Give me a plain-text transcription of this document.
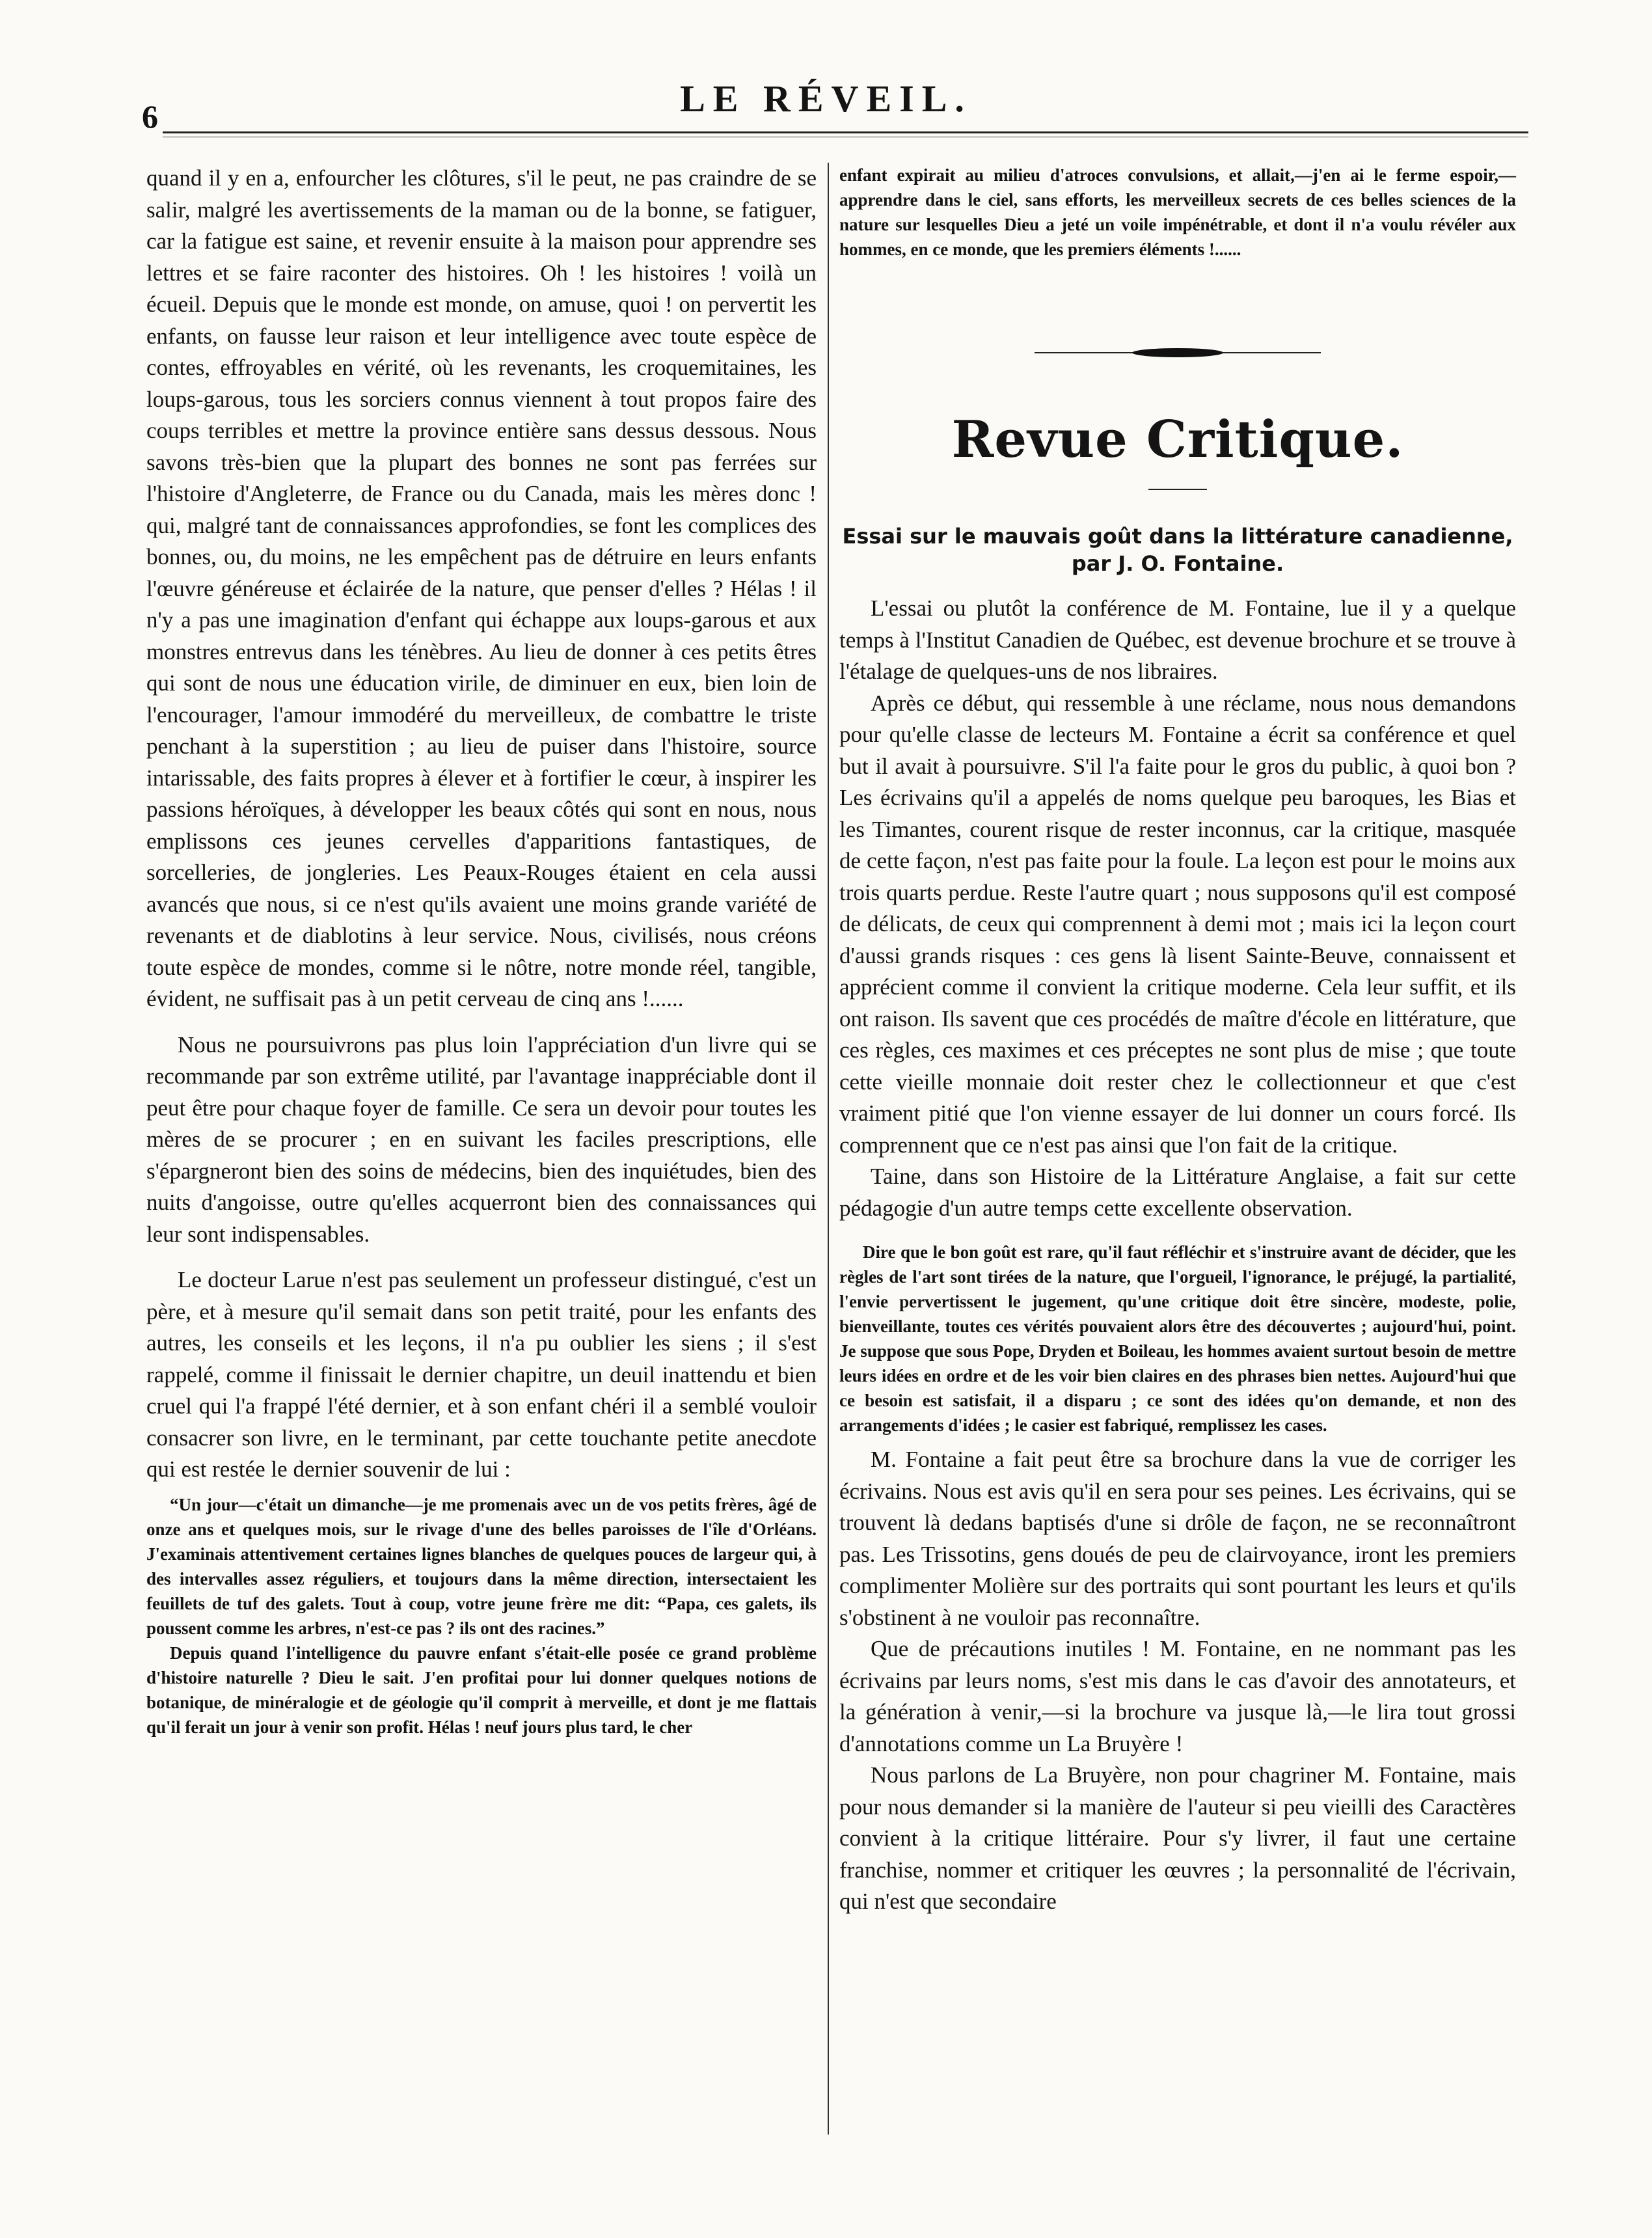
6	LE RÉVEIL.

quand il y en a, enfourcher les clôtures, s'il le peut, ne pas craindre de se salir, malgré les avertissements de la maman ou de la bonne, se fatiguer, car la fatigue est saine, et revenir ensuite à la maison pour apprendre ses lettres et se faire raconter des histoires. Oh ! les histoires ! voilà un écueil. Depuis que le monde est monde, on amuse, quoi ! on pervertit les enfants, on fausse leur raison et leur intelligence avec toute espèce de contes, effroyables en vérité, où les revenants, les croquemitaines, les loups-garous, tous les sorciers connus viennent à tout propos faire des coups terribles et mettre la province entière sans dessus dessous. Nous savons très-bien que la plupart des bonnes ne sont pas ferrées sur l'histoire d'Angleterre, de France ou du Canada, mais les mères donc ! qui, malgré tant de connaissances approfondies, se font les complices des bonnes, ou, du moins, ne les empêchent pas de détruire en leurs enfants l'œuvre généreuse et éclairée de la nature, que penser d'elles ? Hélas ! il n'y a pas une imagination d'enfant qui échappe aux loups-garous et aux monstres entrevus dans les ténèbres. Au lieu de donner à ces petits êtres qui sont de nous une éducation virile, de diminuer en eux, bien loin de l'encourager, l'amour immodéré du merveilleux, de combattre le triste penchant à la superstition ; au lieu de puiser dans l'histoire, source intarissable, des faits propres à élever et à fortifier le cœur, à inspirer les passions héroïques, à développer les beaux côtés qui sont en nous, nous emplissons ces jeunes cervelles d'apparitions fantastiques, de sorcelleries, de jongleries. Les Peaux-Rouges étaient en cela aussi avancés que nous, si ce n'est qu'ils avaient une moins grande variété de revenants et de diablotins à leur service. Nous, civilisés, nous créons toute espèce de mondes, comme si le nôtre, notre monde réel, tangible, évident, ne suffisait pas à un petit cerveau de cinq ans !......

Nous ne poursuivrons pas plus loin l'appréciation d'un livre qui se recommande par son extrême utilité, par l'avantage inappréciable dont il peut être pour chaque foyer de famille. Ce sera un devoir pour toutes les mères de se procurer ; en en suivant les faciles prescriptions, elle s'épargneront bien des soins de médecins, bien des inquiétudes, bien des nuits d'angoisse, outre qu'elles acquerront bien des connaissances qui leur sont indispensables.

Le docteur Larue n'est pas seulement un professeur distingué, c'est un père, et à mesure qu'il semait dans son petit traité, pour les enfants des autres, les conseils et les leçons, il n'a pu oublier les siens ; il s'est rappelé, comme il finissait le dernier chapitre, un deuil inattendu et bien cruel qui l'a frappé l'été dernier, et à son enfant chéri il a semblé vouloir consacrer son livre, en le terminant, par cette touchante petite anecdote qui est restée le dernier souvenir de lui :

“Un jour—c'était un dimanche—je me promenais avec un de vos petits frères, âgé de onze ans et quelques mois, sur le rivage d'une des belles paroisses de l'île d'Orléans. J'examinais attentivement certaines lignes blanches de quelques pouces de largeur qui, à des intervalles assez réguliers, et toujours dans la même direction, intersectaient les feuillets de tuf des galets. Tout à coup, votre jeune frère me dit: “Papa, ces galets, ils poussent comme les arbres, n'est-ce pas ? ils ont des racines.”

Depuis quand l'intelligence du pauvre enfant s'était-elle posée ce grand problème d'histoire naturelle ? Dieu le sait. J'en profitai pour lui donner quelques notions de botanique, de minéralogie et de géologie qu'il comprit à merveille, et dont je me flattais qu'il ferait un jour à venir son profit. Hélas ! neuf jours plus tard, le cher

enfant expirait au milieu d'atroces convulsions, et allait,—j'en ai le ferme espoir,—apprendre dans le ciel, sans efforts, les merveilleux secrets de ces belles sciences de la nature sur lesquelles Dieu a jeté un voile impénétrable, et dont il n'a voulu révéler aux hommes, en ce monde, que les premiers éléments !......

Revue Critique.
Essai sur le mauvais goût dans la littérature canadienne,
par J. O. Fontaine.

L'essai ou plutôt la conférence de M. Fontaine, lue il y a quelque temps à l'Institut Canadien de Québec, est devenue brochure et se trouve à l'étalage de quelques-uns de nos libraires.

Après ce début, qui ressemble à une réclame, nous nous demandons pour qu'elle classe de lecteurs M. Fontaine a écrit sa conférence et quel but il avait à poursuivre. S'il l'a faite pour le gros du public, à quoi bon ? Les écrivains qu'il a appelés de noms quelque peu baroques, les Bias et les Timantes, courent risque de rester inconnus, car la critique, masquée de cette façon, n'est pas faite pour la foule. La leçon est pour le moins aux trois quarts perdue. Reste l'autre quart ; nous supposons qu'il est composé de délicats, de ceux qui comprennent à demi mot ; mais ici la leçon court d'aussi grands risques : ces gens là lisent Sainte-Beuve, connaissent et apprécient comme il convient la critique moderne. Cela leur suffit, et ils ont raison. Ils savent que ces procédés de maître d'école en littérature, que ces règles, ces maximes et ces préceptes ne sont plus de mise ; que toute cette vieille monnaie doit rester chez le collectionneur et que c'est vraiment pitié que l'on vienne essayer de lui donner un cours forcé. Ils comprennent que ce n'est pas ainsi que l'on fait de la critique.

Taine, dans son Histoire de la Littérature Anglaise, a fait sur cette pédagogie d'un autre temps cette excellente observation.

Dire que le bon goût est rare, qu'il faut réfléchir et s'instruire avant de décider, que les règles de l'art sont tirées de la nature, que l'orgueil, l'ignorance, le préjugé, la partialité, l'envie pervertissent le jugement, qu'une critique doit être sincère, modeste, polie, bienveillante, toutes ces vérités pouvaient alors être des découvertes ; aujourd'hui, point. Je suppose que sous Pope, Dryden et Boileau, les hommes avaient surtout besoin de mettre leurs idées en ordre et de les voir bien claires en des phrases bien nettes. Aujourd'hui que ce besoin est satisfait, il a disparu ; ce sont des idées qu'on demande, et non des arrangements d'idées ; le casier est fabriqué, remplissez les cases.

M. Fontaine a fait peut être sa brochure dans la vue de corriger les écrivains. Nous est avis qu'il en sera pour ses peines. Les écrivains, qui se trouvent là dedans baptisés d'une si drôle de façon, ne se reconnaîtront pas. Les Trissotins, gens doués de peu de clairvoyance, iront les premiers complimenter Molière sur des portraits qui sont pourtant les leurs et qu'ils s'obstinent à ne vouloir pas reconnaître.

Que de précautions inutiles ! M. Fontaine, en ne nommant pas les écrivains par leurs noms, s'est mis dans le cas d'avoir des annotateurs, et la génération à venir,—si la brochure va jusque là,—le lira tout grossi d'annotations comme un La Bruyère !

Nous parlons de La Bruyère, non pour chagriner M. Fontaine, mais pour nous demander si la manière de l'auteur si peu vieilli des Caractères convient à la critique littéraire. Pour s'y livrer, il faut une certaine franchise, nommer et critiquer les œuvres ; la personnalité de l'écrivain, qui n'est que secondaire
